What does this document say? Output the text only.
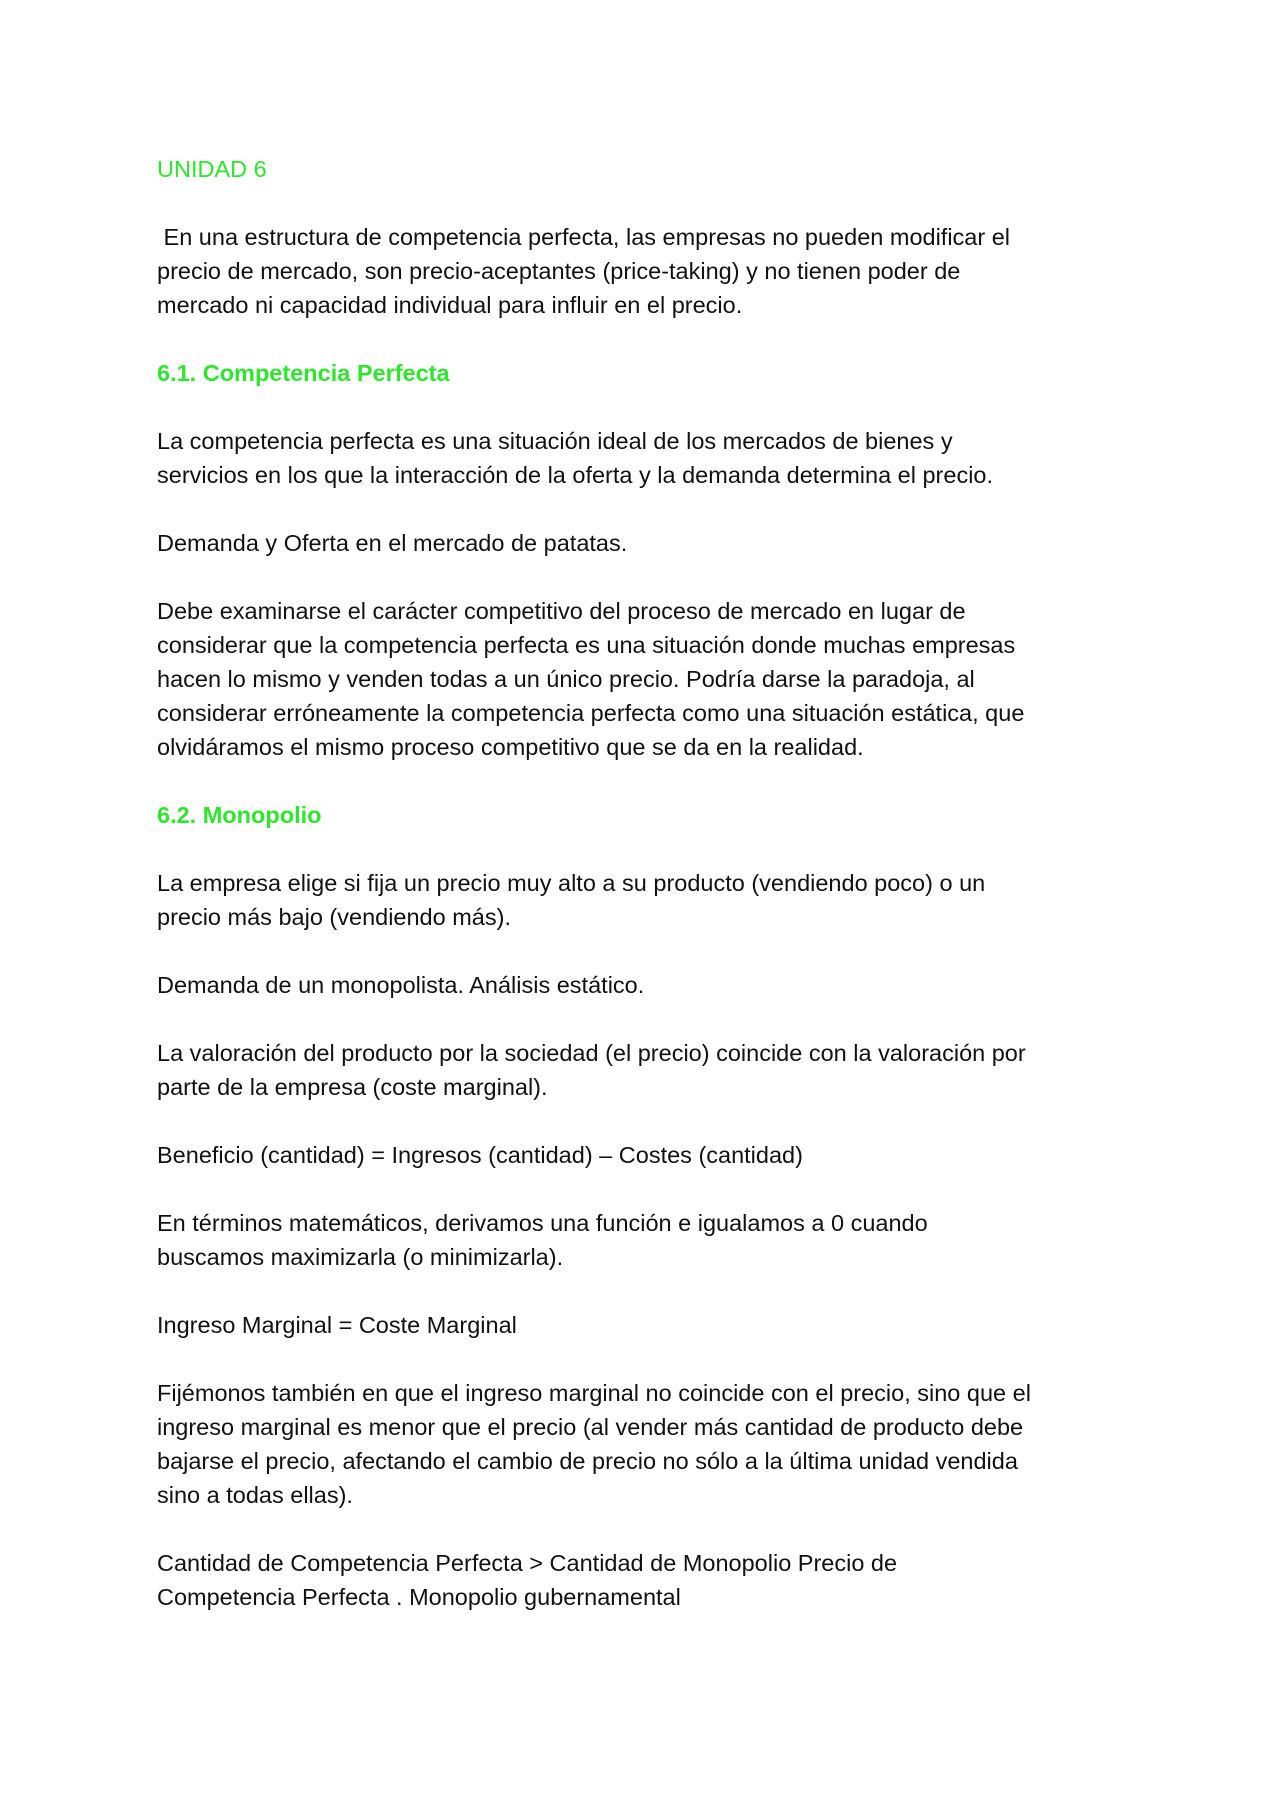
UNIDAD 6

En una estructura de competencia perfecta, las empresas no pueden modificar el
precio de mercado, son precio-aceptantes (price-taking) y no tienen poder de
mercado ni capacidad individual para influir en el precio.

6.1. Competencia Perfecta

La competencia perfecta es una situación ideal de los mercados de bienes y
servicios en los que la interacción de la oferta y la demanda determina el precio.

Demanda y Oferta en el mercado de patatas.

Debe examinarse el carácter competitivo del proceso de mercado en lugar de
considerar que la competencia perfecta es una situación donde muchas empresas
hacen lo mismo y venden todas a un único precio. Podría darse la paradoja, al
considerar erróneamente la competencia perfecta como una situación estática, que
olvidáramos el mismo proceso competitivo que se da en la realidad.

6.2. Monopolio

La empresa elige si fija un precio muy alto a su producto (vendiendo poco) o un
precio más bajo (vendiendo más).

Demanda de un monopolista. Análisis estático.

La valoración del producto por la sociedad (el precio) coincide con la valoración por
parte de la empresa (coste marginal).

Beneficio (cantidad) = Ingresos (cantidad) – Costes (cantidad)

En términos matemáticos, derivamos una función e igualamos a 0 cuando
buscamos maximizarla (o minimizarla).

Ingreso Marginal = Coste Marginal

Fijémonos también en que el ingreso marginal no coincide con el precio, sino que el
ingreso marginal es menor que el precio (al vender más cantidad de producto debe
bajarse el precio, afectando el cambio de precio no sólo a la última unidad vendida
sino a todas ellas).

Cantidad de Competencia Perfecta > Cantidad de Monopolio Precio de
Competencia Perfecta . Monopolio gubernamental
